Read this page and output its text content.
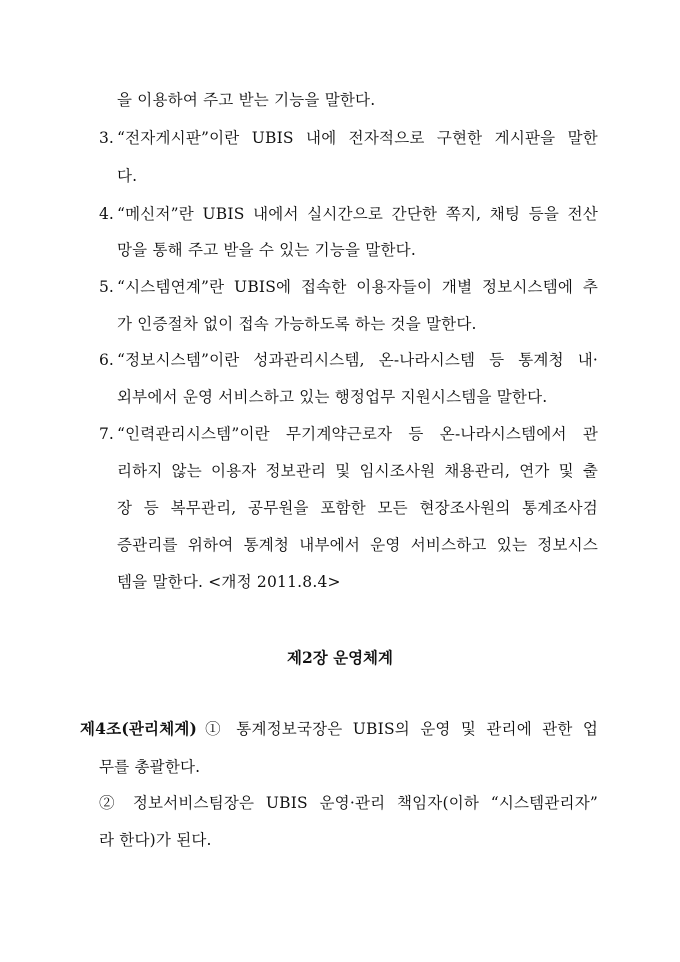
을 이용하여 주고 받는 기능을 말한다.
3. “전자게시판”이란 UBIS 내에 전자적으로 구현한 게시판을 말한
다.
4. “메신저”란 UBIS 내에서 실시간으로 간단한 쪽지, 채팅 등을 전산
망을 통해 주고 받을 수 있는 기능을 말한다.
5. “시스템연계”란 UBIS에 접속한 이용자들이 개별 정보시스템에 추
가 인증절차 없이 접속 가능하도록 하는 것을 말한다.
6. “정보시스템”이란 성과관리시스템, 온-나라시스템 등 통계청 내·
외부에서 운영 서비스하고 있는 행정업무 지원시스템을 말한다.
7. “인력관리시스템”이란 무기계약근로자 등 온-나라시스템에서 관
리하지 않는 이용자 정보관리 및 임시조사원 채용관리, 연가 및 출
장 등 복무관리, 공무원을 포함한 모든 현장조사원의 통계조사검
증관리를 위하여 통계청 내부에서 운영 서비스하고 있는 정보시스
템을 말한다. <개정 2011.8.4>
제2장 운영체계
제4조(관리체계) ① 통계정보국장은 UBIS의 운영 및 관리에 관한 업
무를 총괄한다.
② 정보서비스팀장은 UBIS 운영·관리 책임자(이하 “시스템관리자”
라 한다)가 된다.
